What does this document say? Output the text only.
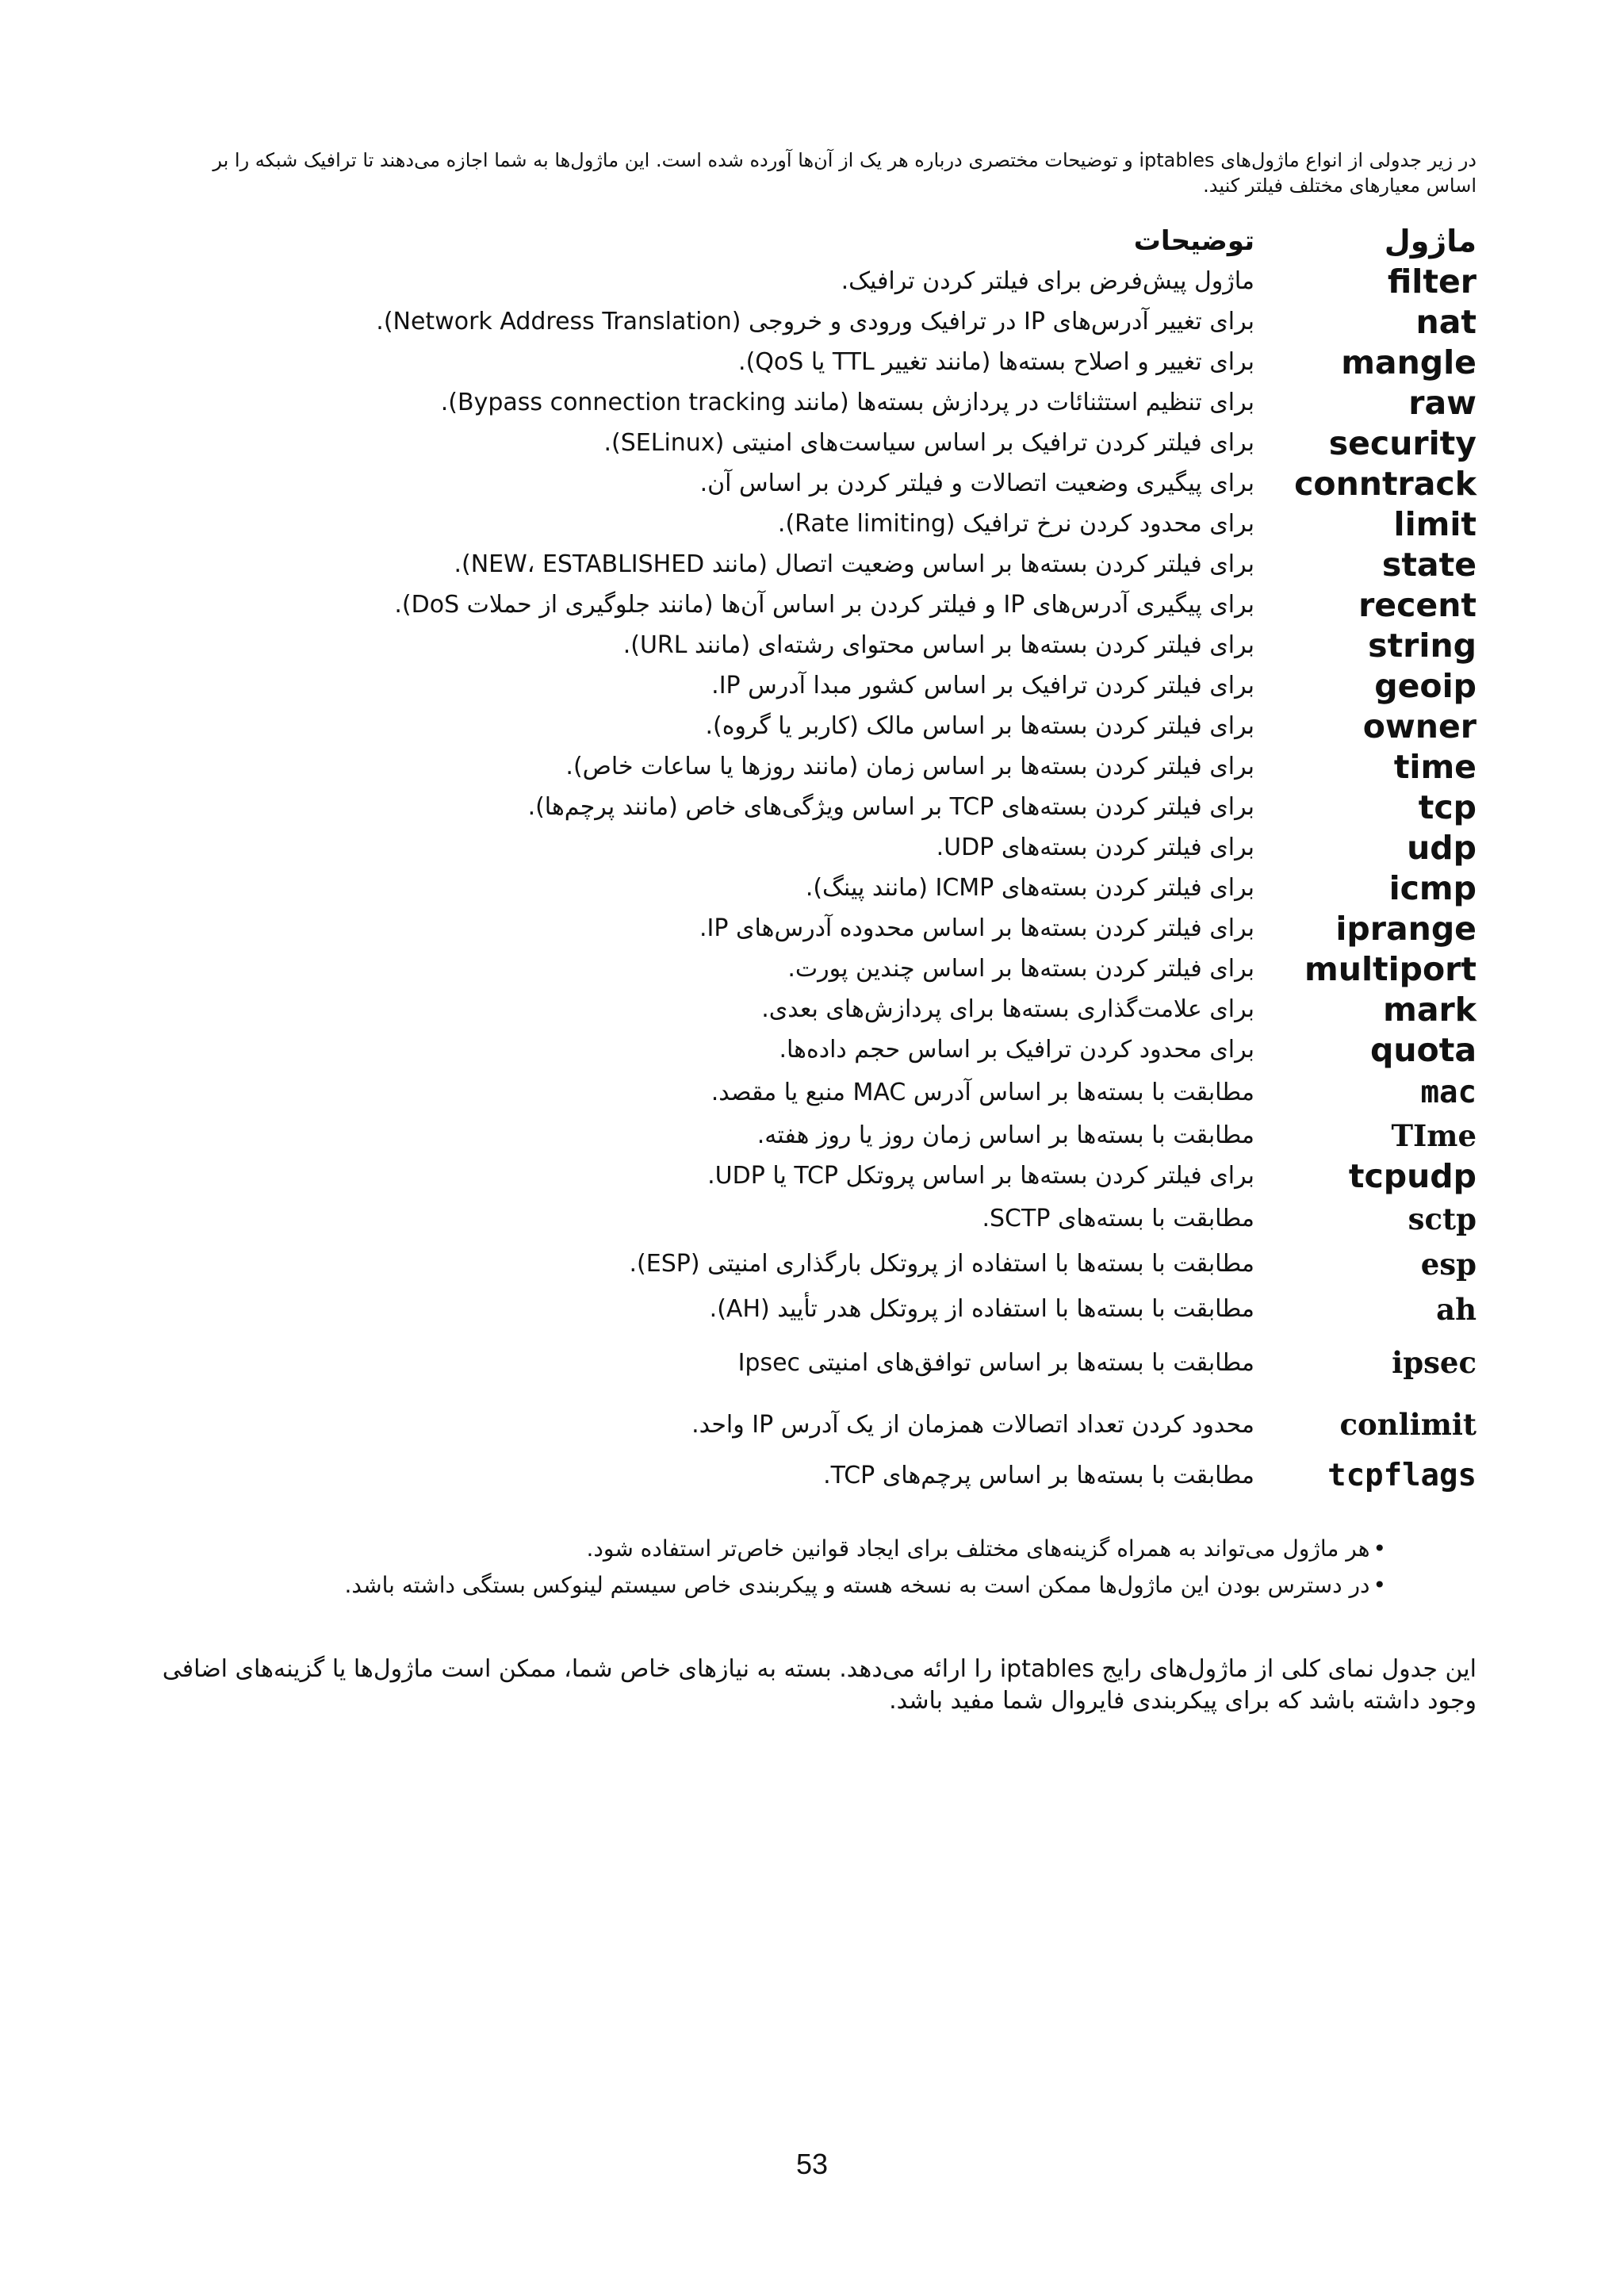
در زیر جدولی از انواع ماژول‌های iptables و توضیحات مختصری درباره هر یک از آن‌ها آورده شده است. این ماژول‌ها به شما اجازه می‌دهند تا ترافیک شبکه را بر اساس معیارهای مختلف فیلتر کنید.
ماژول
توضیحات
filter
ماژول پیش‌فرض برای فیلتر کردن ترافیک.
nat
برای تغییر آدرس‌های IP در ترافیک ورودی و خروجی (Network Address Translation).
mangle
برای تغییر و اصلاح بسته‌ها (مانند تغییر TTL یا QoS).
raw
برای تنظیم استثنائات در پردازش بسته‌ها (مانند Bypass connection tracking).
security
برای فیلتر کردن ترافیک بر اساس سیاست‌های امنیتی (SELinux).
conntrack
برای پیگیری وضعیت اتصالات و فیلتر کردن بر اساس آن.
limit
برای محدود کردن نرخ ترافیک (Rate limiting).
state
برای فیلتر کردن بسته‌ها بر اساس وضعیت اتصال (مانند NEW، ESTABLISHED).
recent
برای پیگیری آدرس‌های IP و فیلتر کردن بر اساس آن‌ها (مانند جلوگیری از حملات DoS).
string
برای فیلتر کردن بسته‌ها بر اساس محتوای رشته‌ای (مانند URL).
geoip
برای فیلتر کردن ترافیک بر اساس کشور مبدا آدرس IP.
owner
برای فیلتر کردن بسته‌ها بر اساس مالک (کاربر یا گروه).
time
برای فیلتر کردن بسته‌ها بر اساس زمان (مانند روزها یا ساعات خاص).
tcp
برای فیلتر کردن بسته‌های TCP بر اساس ویژگی‌های خاص (مانند پرچم‌ها).
udp
برای فیلتر کردن بسته‌های UDP.
icmp
برای فیلتر کردن بسته‌های ICMP (مانند پینگ).
iprange
برای فیلتر کردن بسته‌ها بر اساس محدوده آدرس‌های IP.
multiport
برای فیلتر کردن بسته‌ها بر اساس چندین پورت.
mark
برای علامت‌گذاری بسته‌ها برای پردازش‌های بعدی.
quota
برای محدود کردن ترافیک بر اساس حجم داده‌ها.
mac
مطابقت با بسته‌ها بر اساس آدرس MAC منبع یا مقصد.
TIme
مطابقت با بسته‌ها بر اساس زمان روز یا روز هفته.
tcpudp
برای فیلتر کردن بسته‌ها بر اساس پروتکل TCP یا UDP.
sctp
مطابقت با بسته‌های SCTP.
esp
مطابقت با بسته‌ها با استفاده از پروتکل بارگذاری امنیتی (ESP).
ah
مطابقت با بسته‌ها با استفاده از پروتکل هدر تأیید (AH).
ipsec
مطابقت با بسته‌ها بر اساس توافق‌های امنیتی Ipsec
conlimit
محدود کردن تعداد اتصالات همزمان از یک آدرس IP واحد.
tcpflags
مطابقت با بسته‌ها بر اساس پرچم‌های TCP.
•هر ماژول می‌تواند به همراه گزینه‌های مختلف برای ایجاد قوانین خاص‌تر استفاده شود.
•در دسترس بودن این ماژول‌ها ممکن است به نسخه هسته و پیکربندی خاص سیستم لینوکس بستگی داشته باشد.
این جدول نمای کلی از ماژول‌های رایج iptables را ارائه می‌دهد. بسته به نیازهای خاص شما، ممکن است ماژول‌ها یا گزینه‌های اضافی وجود داشته باشد که برای پیکربندی فایروال شما مفید باشد.
53
